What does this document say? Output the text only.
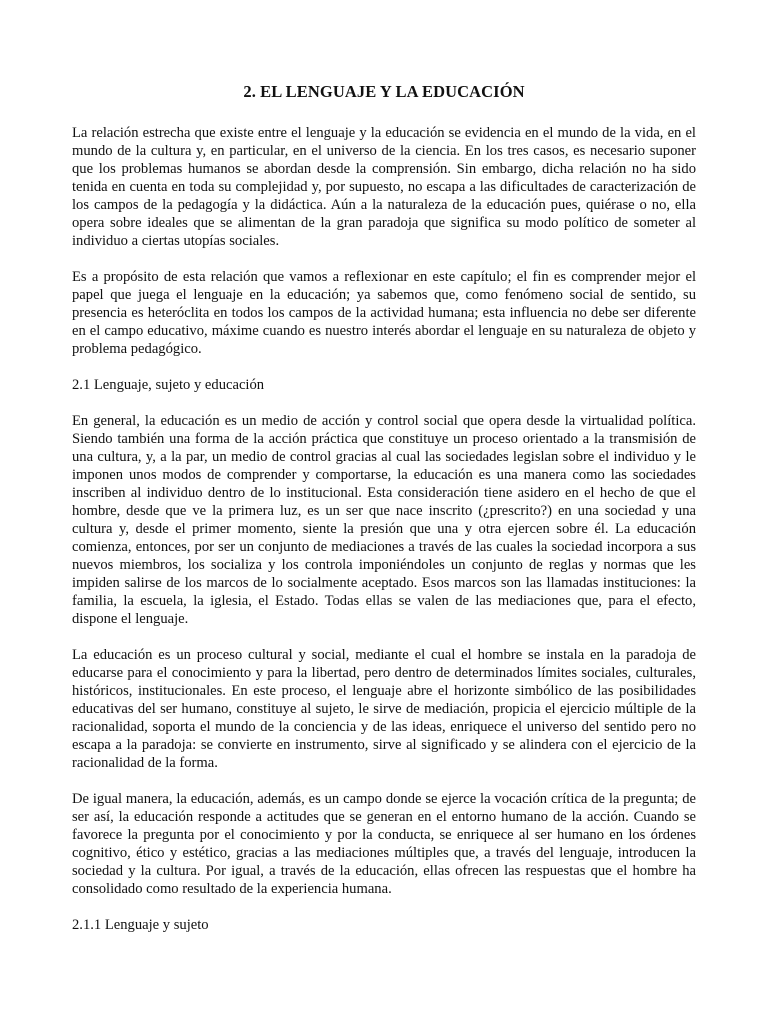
2. EL LENGUAJE Y LA EDUCACIÓN

La relación estrecha que existe entre el lenguaje y la educación se evidencia en el mundo de la vida, en el mundo de la cultura y, en particular, en el universo de la ciencia. En los tres casos, es necesario suponer que los problemas humanos se abordan desde la comprensión. Sin embargo, dicha relación no ha sido tenida en cuenta en toda su complejidad y, por supuesto, no escapa a las dificultades de caracterización de los campos de la pedagogía y la didáctica. Aún a la naturaleza de la educación pues, quiérase o no, ella opera sobre ideales que se alimentan de la gran paradoja que significa su modo político de someter al individuo a ciertas utopías sociales.

Es a propósito de esta relación que vamos a reflexionar en este capítulo; el fin es comprender mejor el papel que juega el lenguaje en la educación; ya sabemos que, como fenómeno social de sentido, su presencia es heteróclita en todos los campos de la actividad humana; esta influencia no debe ser diferente en el campo educativo, máxime cuando es nuestro interés abordar el lenguaje en su naturaleza de objeto y problema pedagógico.

2.1 Lenguaje, sujeto y educación

En general, la educación es un medio de acción y control social que opera desde la virtualidad política. Siendo también una forma de la acción práctica que constituye un proceso orientado a la transmisión de una cultura, y, a la par, un medio de control gracias al cual las sociedades legislan sobre el individuo y le imponen unos modos de comprender y comportarse, la educación es una manera como las sociedades inscriben al individuo dentro de lo institucional. Esta consideración tiene asidero en el hecho de que el hombre, desde que ve la primera luz, es un ser que nace inscrito (¿prescrito?) en una sociedad y una cultura y, desde el primer momento, siente la presión que una y otra ejercen sobre él. La educación comienza, entonces, por ser un conjunto de mediaciones a través de las cuales la sociedad incorpora a sus nuevos miembros, los socializa y los controla imponiéndoles un conjunto de reglas y normas que les impiden salirse de los marcos de lo socialmente aceptado. Esos marcos son las llamadas instituciones: la familia, la escuela, la iglesia, el Estado. Todas ellas se valen de las mediaciones que, para el efecto, dispone el lenguaje.

La educación es un proceso cultural y social, mediante el cual el hombre se instala en la paradoja de educarse para el conocimiento y para la libertad, pero dentro de determinados límites sociales, culturales, históricos, institucionales. En este proceso, el lenguaje abre el horizonte simbólico de las posibilidades educativas del ser humano, constituye al sujeto, le sirve de mediación, propicia el ejercicio múltiple de la racionalidad, soporta el mundo de la conciencia y de las ideas, enriquece el universo del sentido pero no escapa a la paradoja: se convierte en instrumento, sirve al significado y se alindera con el ejercicio de la racionalidad de la forma.

De igual manera, la educación, además, es un campo donde se ejerce la vocación crítica de la pregunta; de ser así, la educación responde a actitudes que se generan en el entorno humano de la acción. Cuando se favorece la pregunta por el conocimiento y por la conducta, se enriquece al ser humano en los órdenes cognitivo, ético y estético, gracias a las mediaciones múltiples que, a través del lenguaje, introducen la sociedad y la cultura. Por igual, a través de la educación, ellas ofrecen las respuestas que el hombre ha consolidado como resultado de la experiencia humana.

2.1.1 Lenguaje y sujeto
